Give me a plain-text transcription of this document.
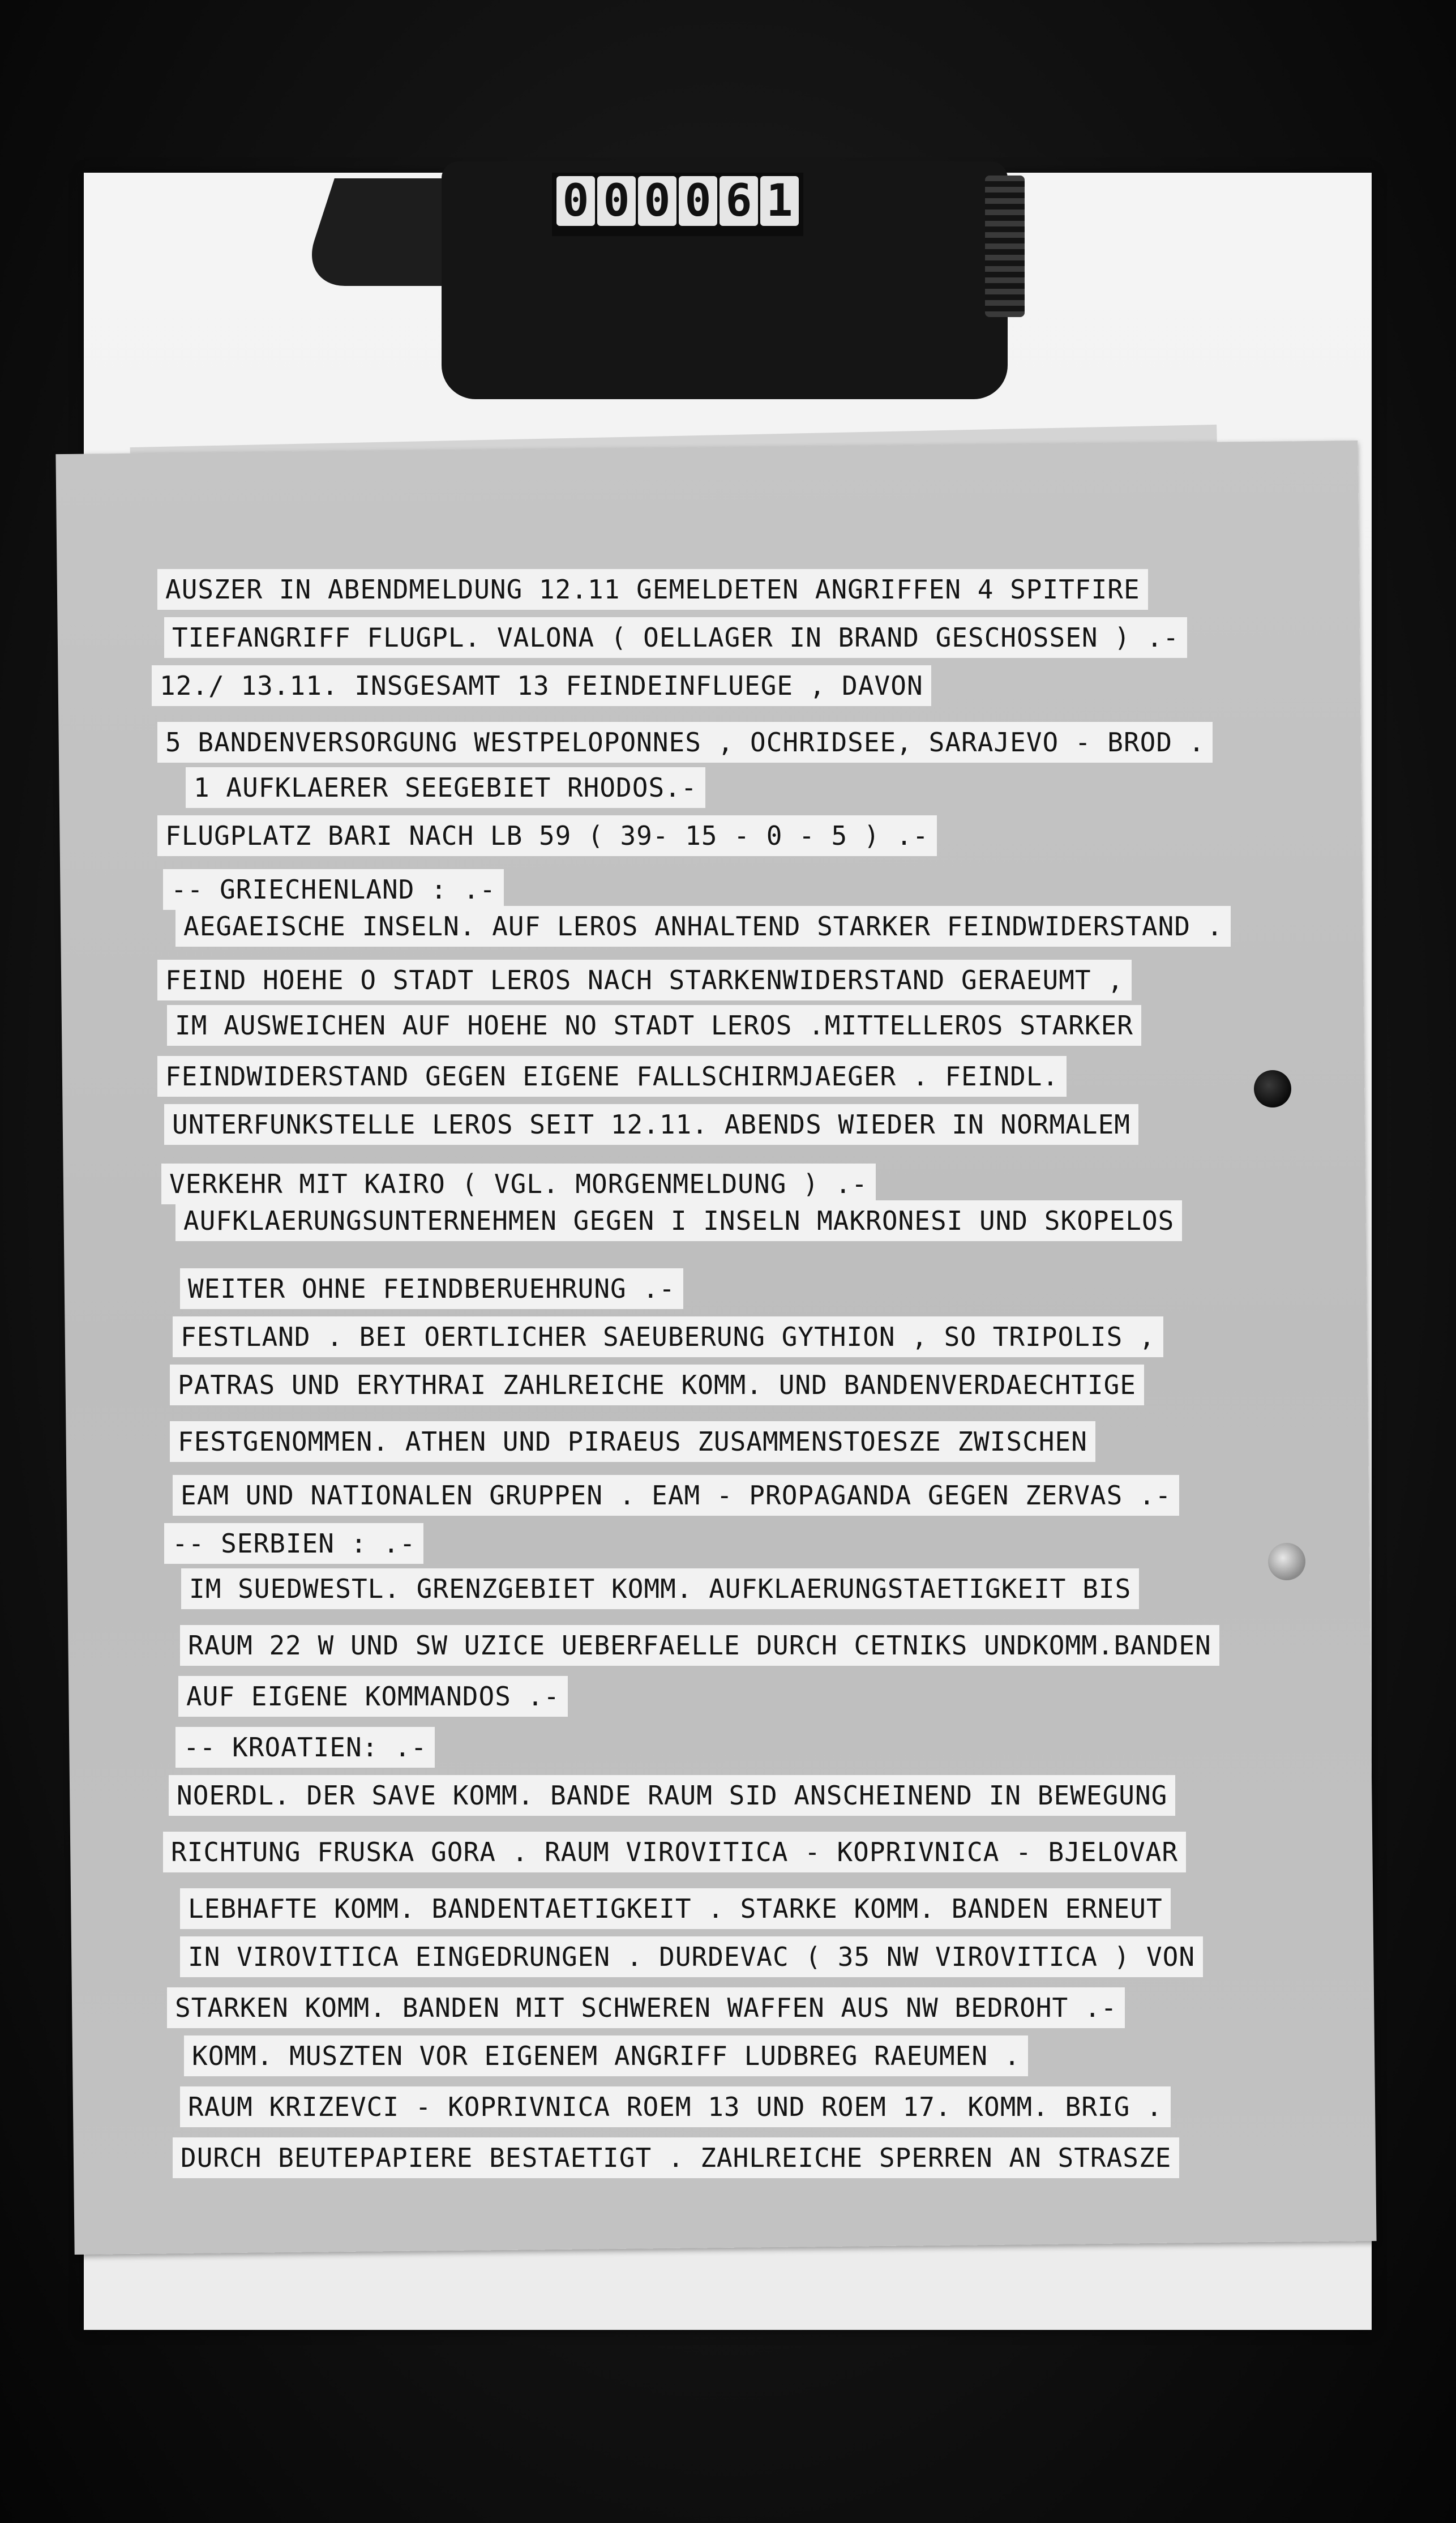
0 0 0 0 6 1
AUSZER IN ABENDMELDUNG 12.11 GEMELDETEN ANGRIFFEN 4 SPITFIRE
TIEFANGRIFF FLUGPL. VALONA ( OELLAGER IN BRAND GESCHOSSEN ) .-
12./ 13.11. INSGESAMT 13 FEINDEINFLUEGE , DAVON
5 BANDENVERSORGUNG WESTPELOPONNES , OCHRIDSEE, SARAJEVO - BROD .
1 AUFKLAERER SEEGEBIET RHODOS.-
FLUGPLATZ BARI NACH LB 59 ( 39- 15 - 0 - 5 ) .-
-- GRIECHENLAND : .-
AEGAEISCHE INSELN. AUF LEROS ANHALTEND STARKER FEINDWIDERSTAND .
FEIND HOEHE O STADT LEROS NACH STARKENWIDERSTAND GERAEUMT ,
IM AUSWEICHEN AUF HOEHE NO STADT LEROS .MITTELLEROS STARKER
FEINDWIDERSTAND GEGEN EIGENE FALLSCHIRMJAEGER . FEINDL.
UNTERFUNKSTELLE LEROS SEIT 12.11. ABENDS WIEDER IN NORMALEM
VERKEHR MIT KAIRO ( VGL. MORGENMELDUNG ) .-
AUFKLAERUNGSUNTERNEHMEN GEGEN I INSELN MAKRONESI UND SKOPELOS
WEITER OHNE FEINDBERUEHRUNG .-
FESTLAND . BEI OERTLICHER SAEUBERUNG GYTHION , SO TRIPOLIS ,
PATRAS UND ERYTHRAI ZAHLREICHE KOMM. UND BANDENVERDAECHTIGE
FESTGENOMMEN. ATHEN UND PIRAEUS ZUSAMMENSTOESZE ZWISCHEN
EAM UND NATIONALEN GRUPPEN . EAM - PROPAGANDA GEGEN ZERVAS .-
-- SERBIEN : .-
IM SUEDWESTL. GRENZGEBIET KOMM. AUFKLAERUNGSTAETIGKEIT BIS
RAUM 22 W UND SW UZICE UEBERFAELLE DURCH CETNIKS UNDKOMM.BANDEN
AUF EIGENE KOMMANDOS .-
-- KROATIEN: .-
NOERDL. DER SAVE KOMM. BANDE RAUM SID ANSCHEINEND IN BEWEGUNG
RICHTUNG FRUSKA GORA . RAUM VIROVITICA - KOPRIVNICA - BJELOVAR
LEBHAFTE KOMM. BANDENTAETIGKEIT . STARKE KOMM. BANDEN ERNEUT
IN VIROVITICA EINGEDRUNGEN . DURDEVAC ( 35 NW VIROVITICA ) VON
STARKEN KOMM. BANDEN MIT SCHWEREN WAFFEN AUS NW BEDROHT .-
KOMM. MUSZTEN VOR EIGENEM ANGRIFF LUDBREG RAEUMEN .
RAUM KRIZEVCI - KOPRIVNICA ROEM 13 UND ROEM 17. KOMM. BRIG .
DURCH BEUTEPAPIERE BESTAETIGT . ZAHLREICHE SPERREN AN STRASZE
